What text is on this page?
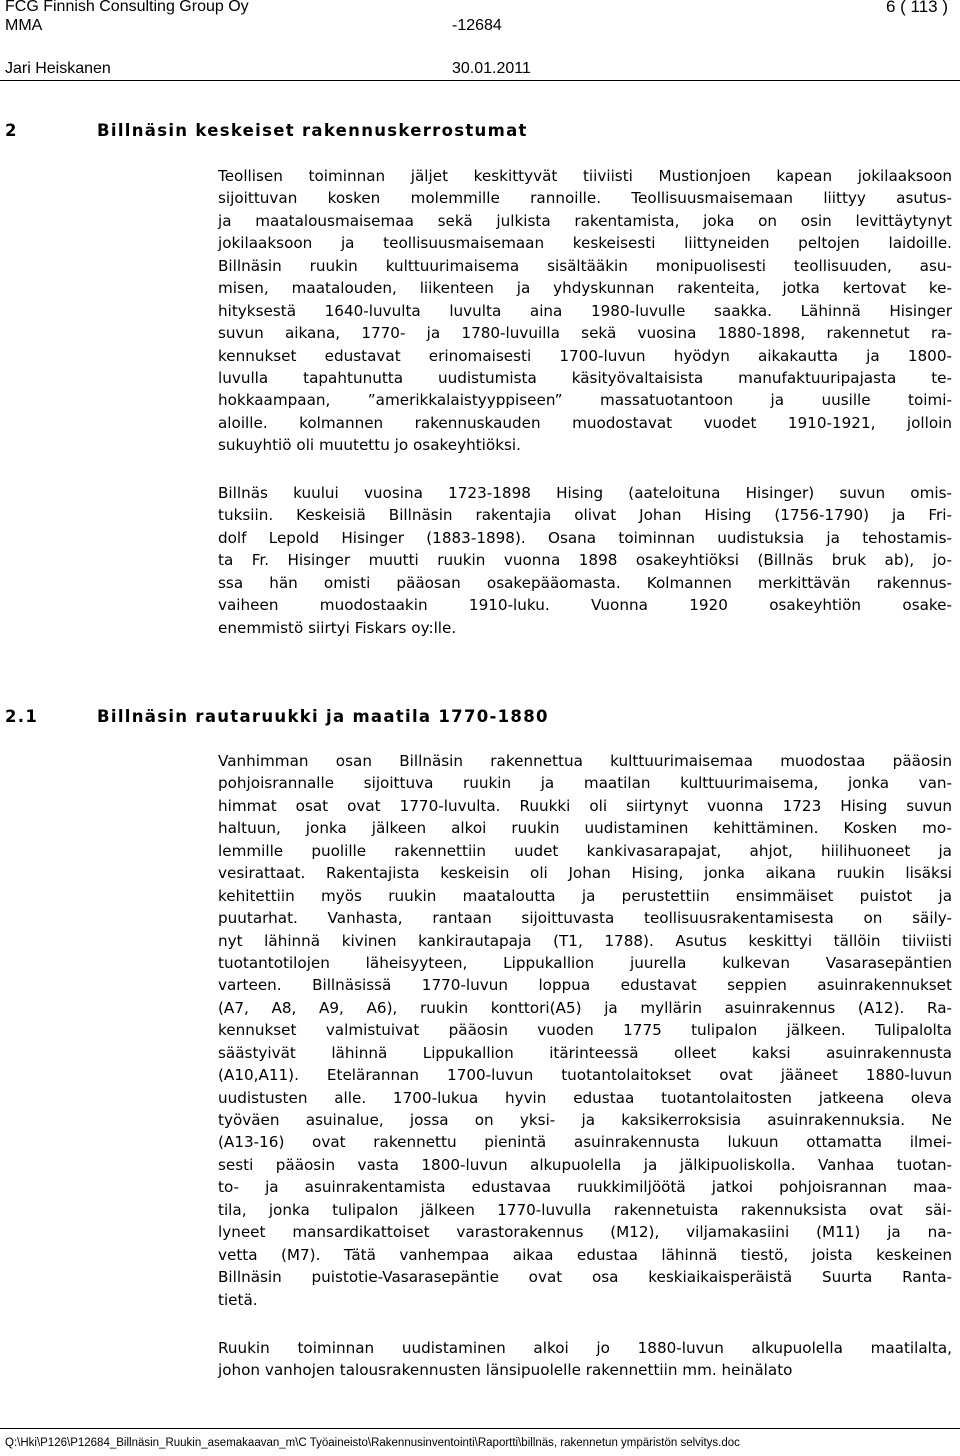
FCG Finnish Consulting Group Oy	6 ( 113 )
MMA	-12684
Jari Heiskanen	30.01.2011
2	Billnäsin keskeiset rakennuskerrostumat
Teollisen toiminnan jäljet keskittyvät tiiviisti Mustionjoen kapean jokilaaksoon
sijoittuvan kosken molemmille rannoille. Teollisuusmaisemaan liittyy asutus-
ja maatalousmaisemaa sekä julkista rakentamista, joka on osin levittäytynyt
jokilaaksoon ja teollisuusmaisemaan keskeisesti liittyneiden peltojen laidoille.
Billnäsin ruukin kulttuurimaisema sisältääkin monipuolisesti teollisuuden, asu-
misen, maatalouden, liikenteen ja yhdyskunnan rakenteita, jotka kertovat ke-
hityksestä 1640-luvulta luvulta aina 1980-luvulle saakka. Lähinnä Hisinger
suvun aikana, 1770- ja 1780-luvuilla sekä vuosina 1880-1898, rakennetut ra-
kennukset edustavat erinomaisesti 1700-luvun hyödyn aikakautta ja 1800-
luvulla tapahtunutta uudistumista käsityövaltaisista manufaktuuripajasta te-
hokkaampaan, ”amerikkalaistyyppiseen” massatuotantoon ja uusille toimi-
aloille. kolmannen rakennuskauden muodostavat vuodet 1910-1921, jolloin
sukuyhtiö oli muutettu jo osakeyhtiöksi.
Billnäs kuului vuosina 1723-1898 Hising (aateloituna Hisinger) suvun omis-
tuksiin. Keskeisiä Billnäsin rakentajia olivat Johan Hising (1756-1790) ja Fri-
dolf Lepold Hisinger (1883-1898). Osana toiminnan uudistuksia ja tehostamis-
ta Fr. Hisinger muutti ruukin vuonna 1898 osakeyhtiöksi (Billnäs bruk ab), jo-
ssa hän omisti pääosan osakepääomasta. Kolmannen merkittävän rakennus-
vaiheen muodostaakin 1910-luku. Vuonna 1920 osakeyhtiön osake-
enemmistö siirtyi Fiskars oy:lle.
2.1	Billnäsin rautaruukki ja maatila 1770-1880
Vanhimman osan Billnäsin rakennettua kulttuurimaisemaa muodostaa pääosin
pohjoisrannalle sijoittuva ruukin ja maatilan kulttuurimaisema, jonka van-
himmat osat ovat 1770-luvulta. Ruukki oli siirtynyt vuonna 1723 Hising suvun
haltuun, jonka jälkeen alkoi ruukin uudistaminen kehittäminen. Kosken mo-
lemmille puolille rakennettiin uudet kankivasarapajat, ahjot, hiilihuoneet ja
vesirattaat. Rakentajista keskeisin oli Johan Hising, jonka aikana ruukin lisäksi
kehitettiin myös ruukin maataloutta ja perustettiin ensimmäiset puistot ja
puutarhat. Vanhasta, rantaan sijoittuvasta teollisuusrakentamisesta on säily-
nyt lähinnä kivinen kankirautapaja (T1, 1788). Asutus keskittyi tällöin tiiviisti
tuotantotilojen läheisyyteen, Lippukallion juurella kulkevan Vasarasepäntien
varteen. Billnäsissä 1770-luvun loppua edustavat seppien asuinrakennukset
(A7, A8, A9, A6), ruukin konttori(A5) ja myllärin asuinrakennus (A12). Ra-
kennukset valmistuivat pääosin vuoden 1775 tulipalon jälkeen. Tulipalolta
säästyivät lähinnä Lippukallion itärinteessä olleet kaksi asuinrakennusta
(A10,A11). Etelärannan 1700-luvun tuotantolaitokset ovat jääneet 1880-luvun
uudistusten alle. 1700-lukua hyvin edustaa tuotantolaitosten jatkeena oleva
työväen asuinalue, jossa on yksi- ja kaksikerroksisia asuinrakennuksia. Ne
(A13-16) ovat rakennettu pienintä asuinrakennusta lukuun ottamatta ilmei-
sesti pääosin vasta 1800-luvun alkupuolella ja jälkipuoliskolla. Vanhaa tuotan-
to- ja asuinrakentamista edustavaa ruukkimiljöötä jatkoi pohjoisrannan maa-
tila, jonka tulipalon jälkeen 1770-luvulla rakennetuista rakennuksista ovat säi-
lyneet mansardikattoiset varastorakennus (M12), viljamakasiini (M11) ja na-
vetta (M7). Tätä vanhempaa aikaa edustaa lähinnä tiestö, joista keskeinen
Billnäsin puistotie-Vasarasepäntie ovat osa keskiaikaisperäistä Suurta Ranta-
tietä.
Ruukin toiminnan uudistaminen alkoi jo 1880-luvun alkupuolella maatilalta,
johon vanhojen talousrakennusten länsipuolelle rakennettiin mm. heinälato
Q:\Hki\P126\P12684_Billnäsin_Ruukin_asemakaavan_m\C Työaineisto\Rakennusinventointi\Raportti\billnäs, rakennetun ympäristön selvitys.doc
